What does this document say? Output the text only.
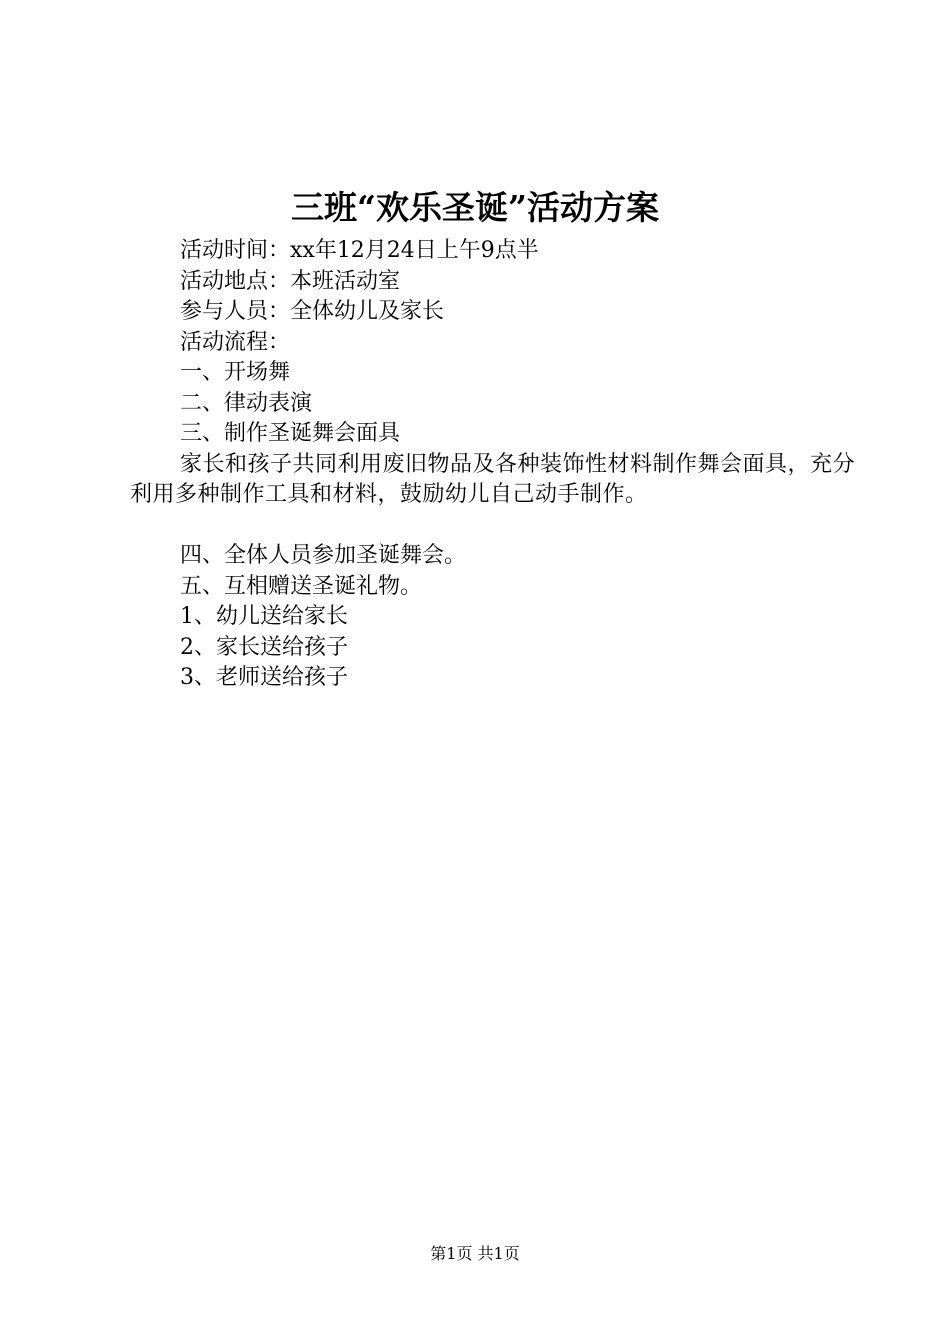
三班“欢乐圣诞”活动方案
活动时间：xx年12月24日上午9点半
活动地点：本班活动室
参与人员：全体幼儿及家长
活动流程：
一、开场舞
二、律动表演
三、制作圣诞舞会面具

家长和孩子共同利用废旧物品及各种装饰性材料制作舞会面具，充分利用多种制作工具和材料，鼓励幼儿自己动手制作。

四、全体人员参加圣诞舞会。
五、互相赠送圣诞礼物。
1、幼儿送给家长
2、家长送给孩子
3、老师送给孩子
第1页 共1页
